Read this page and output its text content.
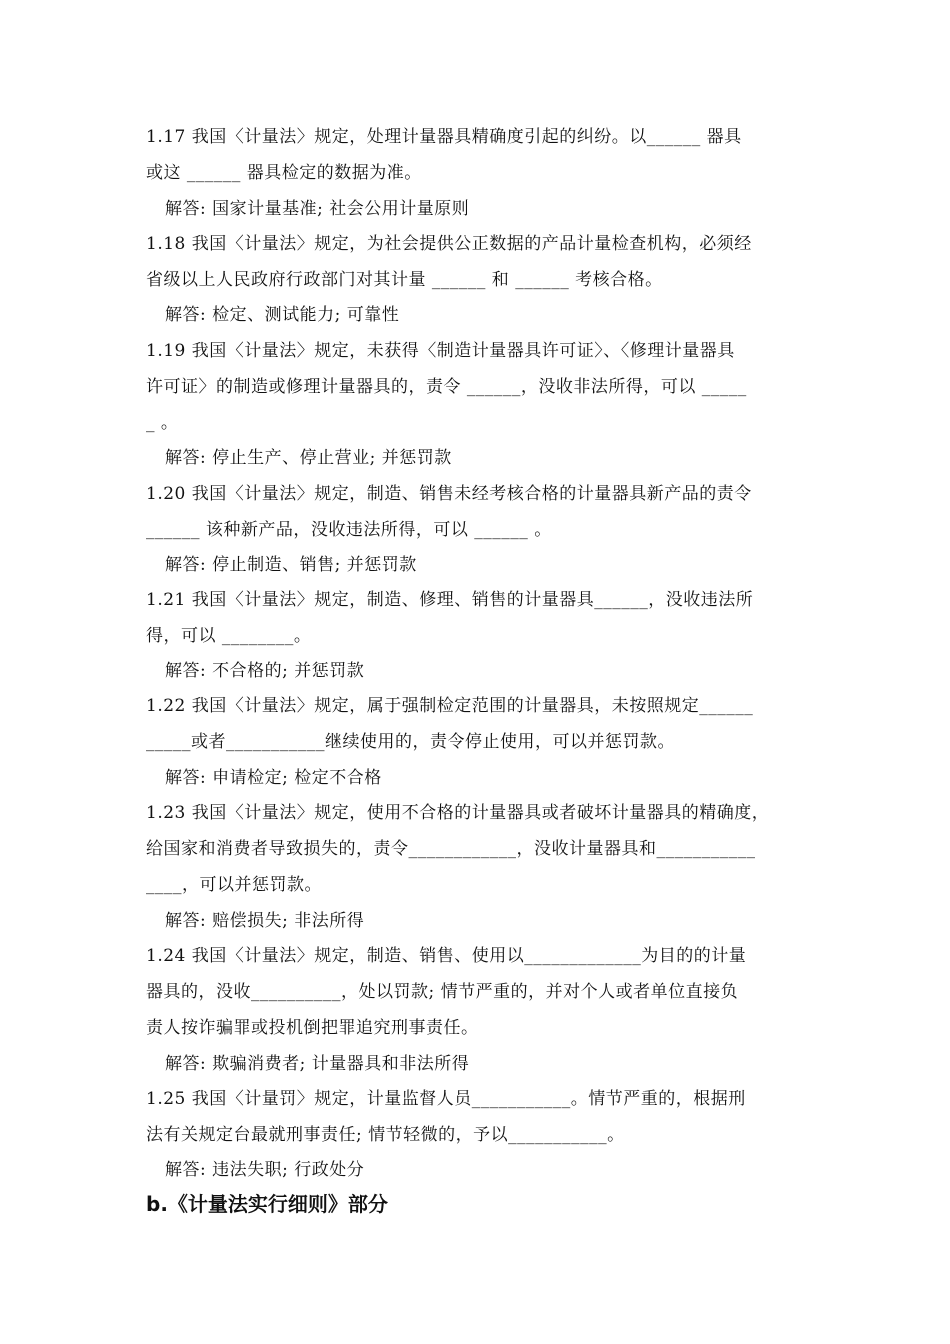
1.17 我国〈计量法〉规定，处理计量器具精确度引起的纠纷。以______ 器具
或这 ______ 器具检定的数据为准。
解答: 国家计量基准; 社会公用计量原则
1.18 我国〈计量法〉规定，为社会提供公正数据的产品计量检查机构，必须经
省级以上人民政府行政部门对其计量 ______ 和 ______ 考核合格。
解答: 检定、测试能力; 可靠性
1.19 我国〈计量法〉规定，未获得〈制造计量器具许可证〉、〈修理计量器具
许可证〉的制造或修理计量器具的，责令 ______，没收非法所得，可以 _____
_ 。
解答: 停止生产、停止营业; 并惩罚款
1.20 我国〈计量法〉规定，制造、销售未经考核合格的计量器具新产品的责令
______ 该种新产品，没收违法所得，可以 ______ 。
解答: 停止制造、销售; 并惩罚款
1.21 我国〈计量法〉规定，制造、修理、销售的计量器具______，没收违法所
得，可以 ________。
解答: 不合格的; 并惩罚款
1.22 我国〈计量法〉规定，属于强制检定范围的计量器具，未按照规定______
_____或者___________继续使用的，责令停止使用，可以并惩罚款。
解答: 申请检定; 检定不合格
1.23 我国〈计量法〉规定，使用不合格的计量器具或者破坏计量器具的精确度，
给国家和消费者导致损失的，责令____________，没收计量器具和___________
____，可以并惩罚款。
解答: 赔偿损失; 非法所得
1.24 我国〈计量法〉规定，制造、销售、使用以_____________为目的的计量
器具的，没收__________，处以罚款; 情节严重的，并对个人或者单位直接负
责人按诈骗罪或投机倒把罪追究刑事责任。
解答: 欺骗消费者; 计量器具和非法所得
1.25 我国〈计量罚〉规定，计量监督人员___________。情节严重的，根据刑
法有关规定台最就刑事责任; 情节轻微的，予以___________。
解答: 违法失职; 行政处分
b.《计量法实行细则》部分
